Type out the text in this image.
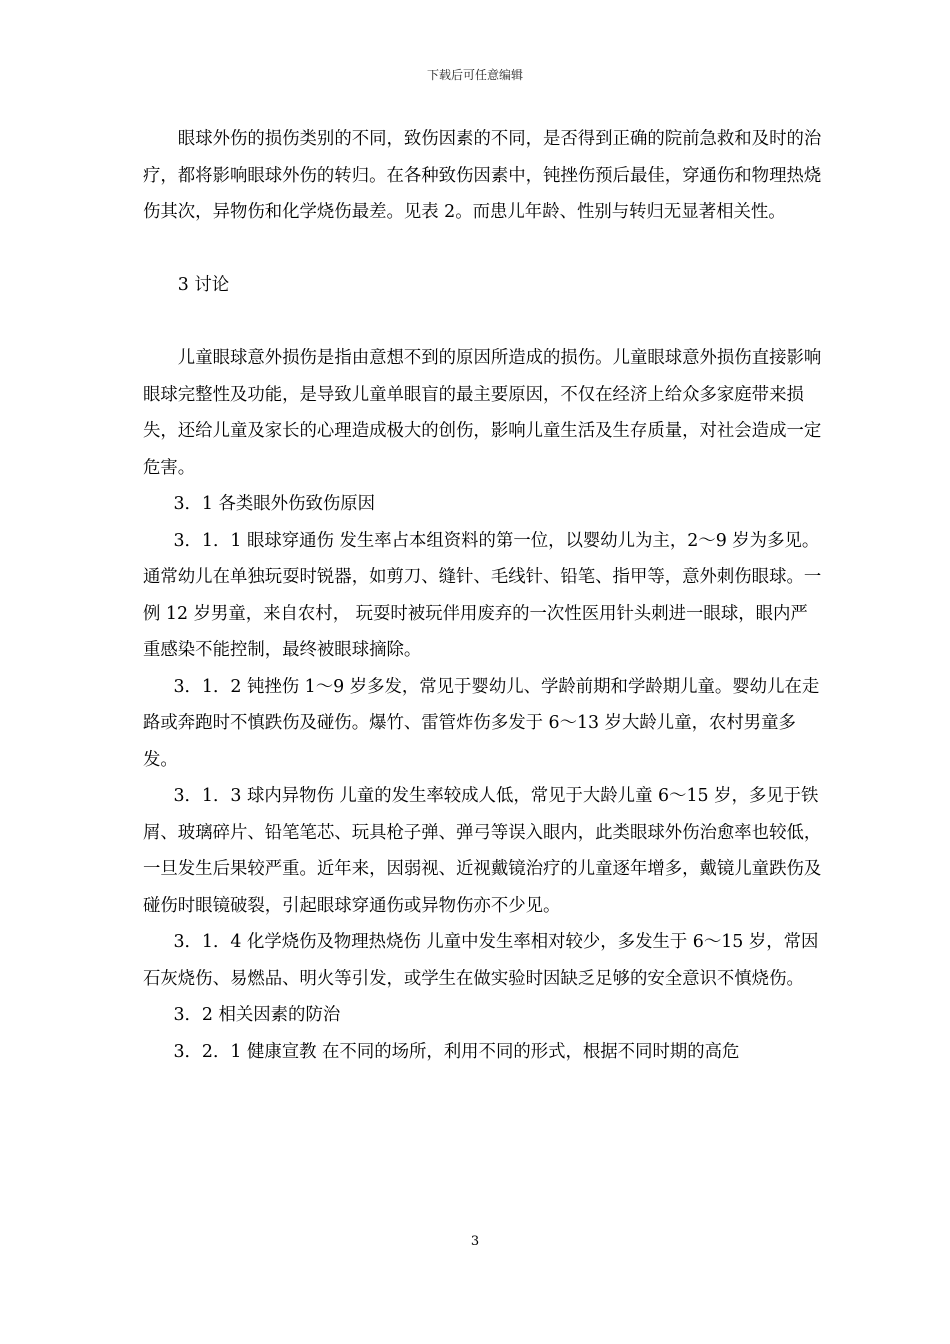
下载后可任意编辑

眼球外伤的损伤类别的不同，致伤因素的不同，是否得到正确的院前急救和及时的治疗，都将影响眼球外伤的转归。在各种致伤因素中，钝挫伤预后最佳，穿通伤和物理热烧伤其次，异物伤和化学烧伤最差。见表 2。而患儿年龄、性别与转归无显著相关性。

3 讨论

儿童眼球意外损伤是指由意想不到的原因所造成的损伤。儿童眼球意外损伤直接影响眼球完整性及功能，是导致儿童单眼盲的最主要原因，不仅在经济上给众多家庭带来损失，还给儿童及家长的心理造成极大的创伤，影响儿童生活及生存质量，对社会造成一定危害。

3．1 各类眼外伤致伤原因

3．1．1 眼球穿通伤 发生率占本组资料的第一位，以婴幼儿为主，2～9 岁为多见。通常幼儿在单独玩耍时锐器，如剪刀、缝针、毛线针、铅笔、指甲等，意外刺伤眼球。一例 12 岁男童，来自农村， 玩耍时被玩伴用废弃的一次性医用针头刺进一眼球，眼内严重感染不能控制，最终被眼球摘除。

3．1．2 钝挫伤 1～9 岁多发，常见于婴幼儿、学龄前期和学龄期儿童。婴幼儿在走路或奔跑时不慎跌伤及碰伤。爆竹、雷管炸伤多发于 6～13 岁大龄儿童，农村男童多发。

3．1．3 球内异物伤 儿童的发生率较成人低，常见于大龄儿童 6～15 岁，多见于铁屑、玻璃碎片、铅笔笔芯、玩具枪子弹、弹弓等误入眼内，此类眼球外伤治愈率也较低，一旦发生后果较严重。近年来，因弱视、近视戴镜治疗的儿童逐年增多，戴镜儿童跌伤及碰伤时眼镜破裂，引起眼球穿通伤或异物伤亦不少见。

3．1．4 化学烧伤及物理热烧伤 儿童中发生率相对较少，多发生于 6～15 岁，常因石灰烧伤、易燃品、明火等引发，或学生在做实验时因缺乏足够的安全意识不慎烧伤。

3．2 相关因素的防治

3．2．1 健康宣教 在不同的场所，利用不同的形式，根据不同时期的高危

3
